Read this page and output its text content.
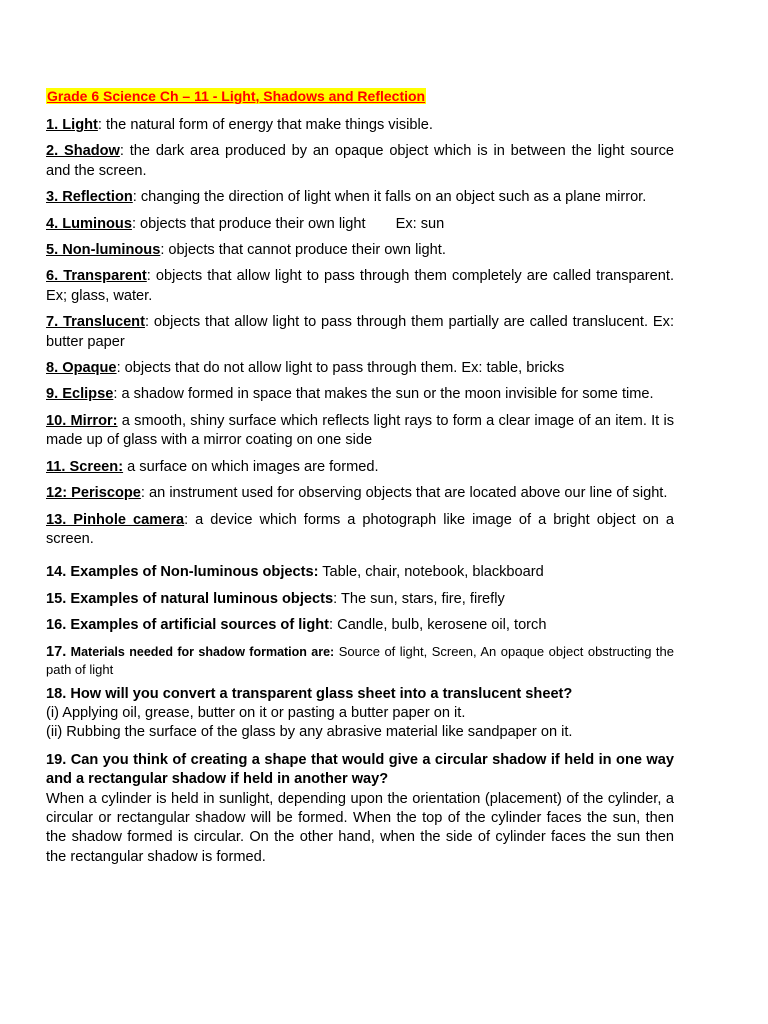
Grade 6 Science Ch – 11 - Light, Shadows and Reflection

1. Light: the natural form of energy that make things visible.

2. Shadow: the dark area produced by an opaque object which is in between the light source and the screen.

3. Reflection: changing the direction of light when it falls on an object such as a plane mirror.

4. Luminous: objects that produce their own light Ex: sun

5. Non-luminous: objects that cannot produce their own light.

6. Transparent: objects that allow light to pass through them completely are called transparent. Ex; glass, water.

7. Translucent: objects that allow light to pass through them partially are called translucent. Ex: butter paper

8. Opaque: objects that do not allow light to pass through them. Ex: table, bricks

9. Eclipse: a shadow formed in space that makes the sun or the moon invisible for some time.

10. Mirror: a smooth, shiny surface which reflects light rays to form a clear image of an item. It is made up of glass with a mirror coating on one side

11. Screen: a surface on which images are formed.

12: Periscope: an instrument used for observing objects that are located above our line of sight.

13. Pinhole camera: a device which forms a photograph like image of a bright object on a screen.

14. Examples of Non-luminous objects: Table, chair, notebook, blackboard

15. Examples of natural luminous objects: The sun, stars, fire, firefly

16. Examples of artificial sources of light: Candle, bulb, kerosene oil, torch

17. Materials needed for shadow formation are: Source of light, Screen, An opaque object obstructing the path of light

18. How will you convert a transparent glass sheet into a translucent sheet?
(i) Applying oil, grease, butter on it or pasting a butter paper on it.
(ii) Rubbing the surface of the glass by any abrasive material like sandpaper on it.

19. Can you think of creating a shape that would give a circular shadow if held in one way and a rectangular shadow if held in another way?
When a cylinder is held in sunlight, depending upon the orientation (placement) of the cylinder, a circular or rectangular shadow will be formed. When the top of the cylinder faces the sun, then the shadow formed is circular. On the other hand, when the side of cylinder faces the sun then the rectangular shadow is formed.
